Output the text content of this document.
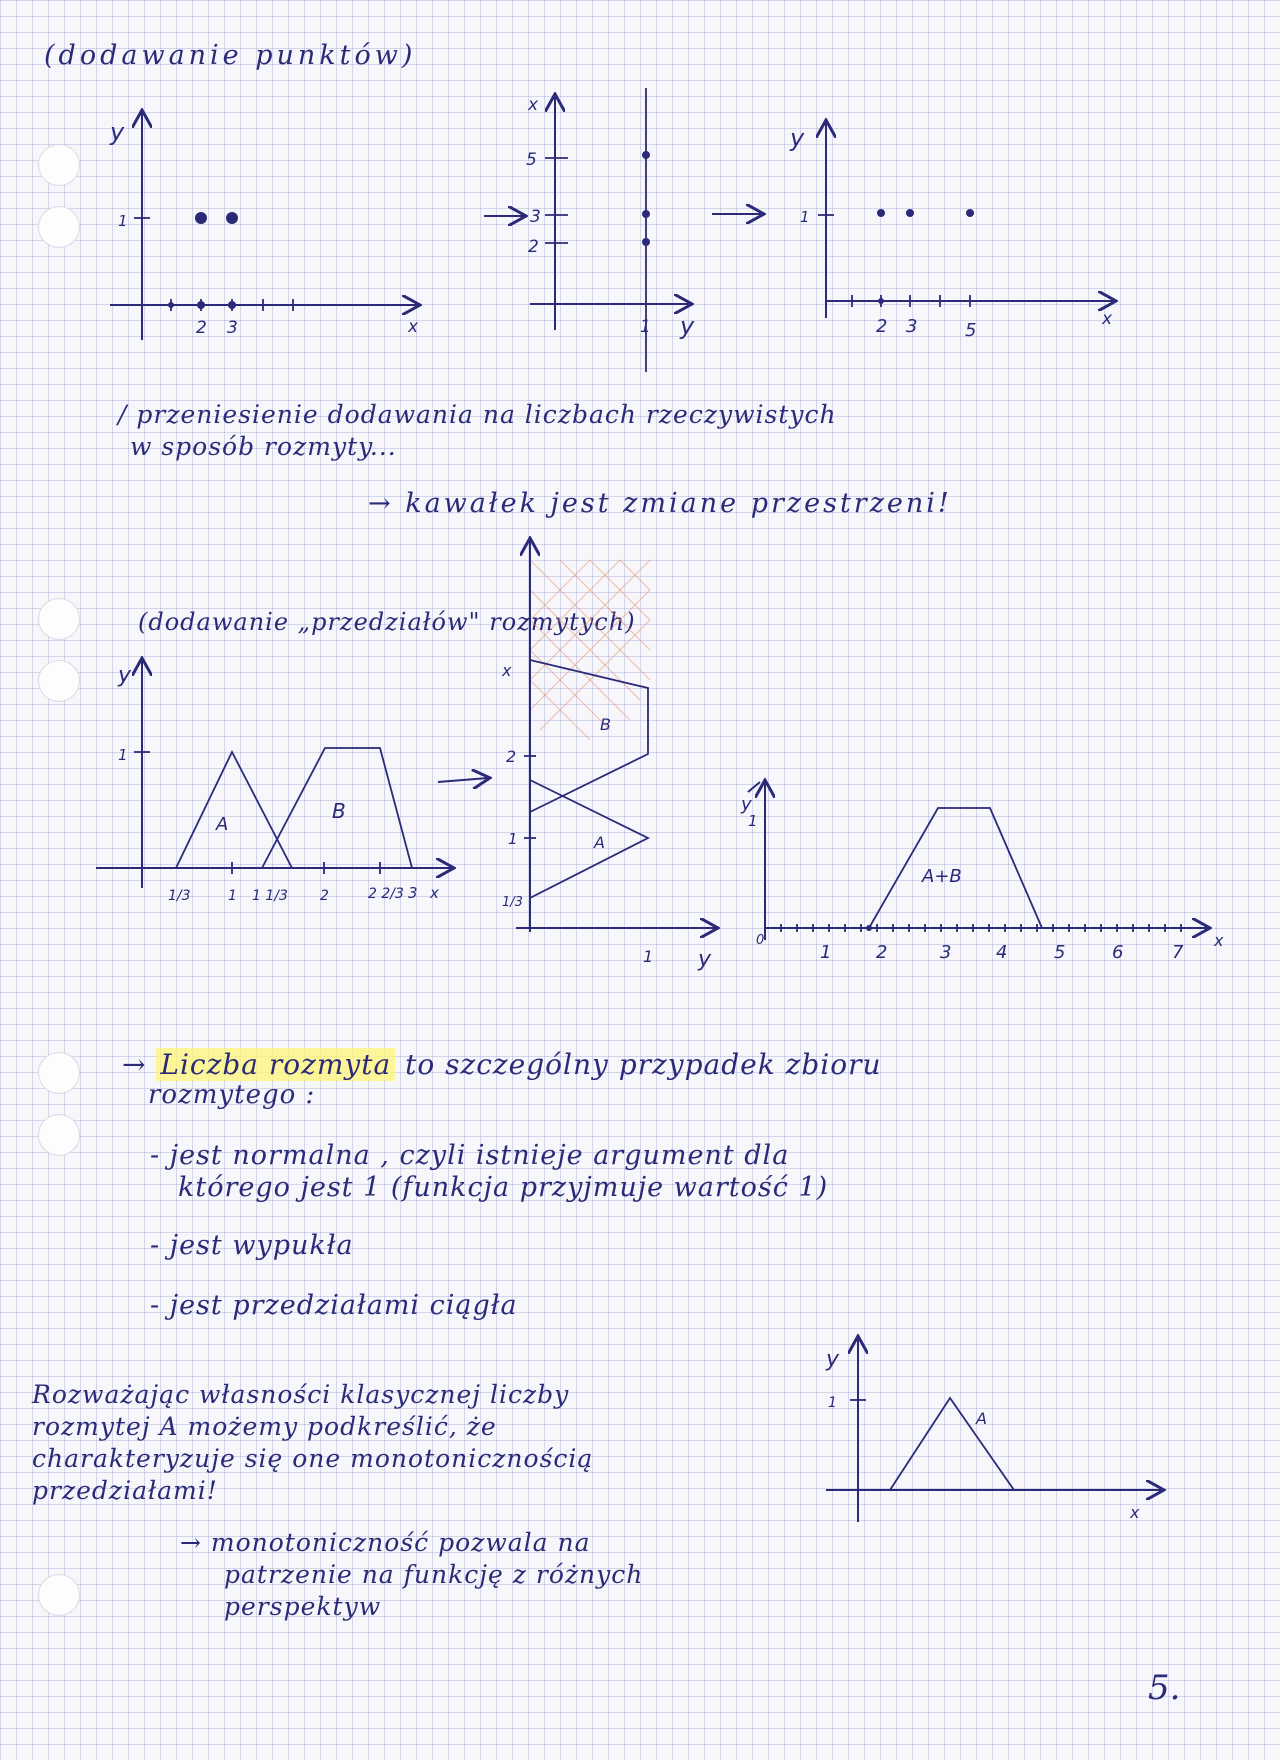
(dodawanie punktów)
/ przeniesienie dodawania na liczbach rzeczywistych
w sposób rozmyty...
→ kawałek jest zmiane przestrzeni!
(dodawanie „przedziałów" rozmytych)
→ Liczba rozmyta to szczególny przypadek zbioru
rozmytego :
- jest normalna , czyli istnieje argument dla
którego jest 1 (funkcja przyjmuje wartość 1)
- jest wypukła
- jest przedziałami ciągła
Rozważając własności klasycznej liczby
rozmytej A możemy podkreślić, że
charakteryzuje się one monotonicznością
przedziałami!
→ monotoniczność pozwala na
patrzenie na funkcję z różnych
perspektyw
5.
y
1
2 3	x
x
5
3
2
1 y
y
1
2 3	5
x
y
1
A
B
1/3	1 1 1/3 2	2 2/3 3 x
x
2
1
1/3
B
A
1 y
y
1
0
1 2	3 4	5	6	7
x
A+B
y
1
A
x
